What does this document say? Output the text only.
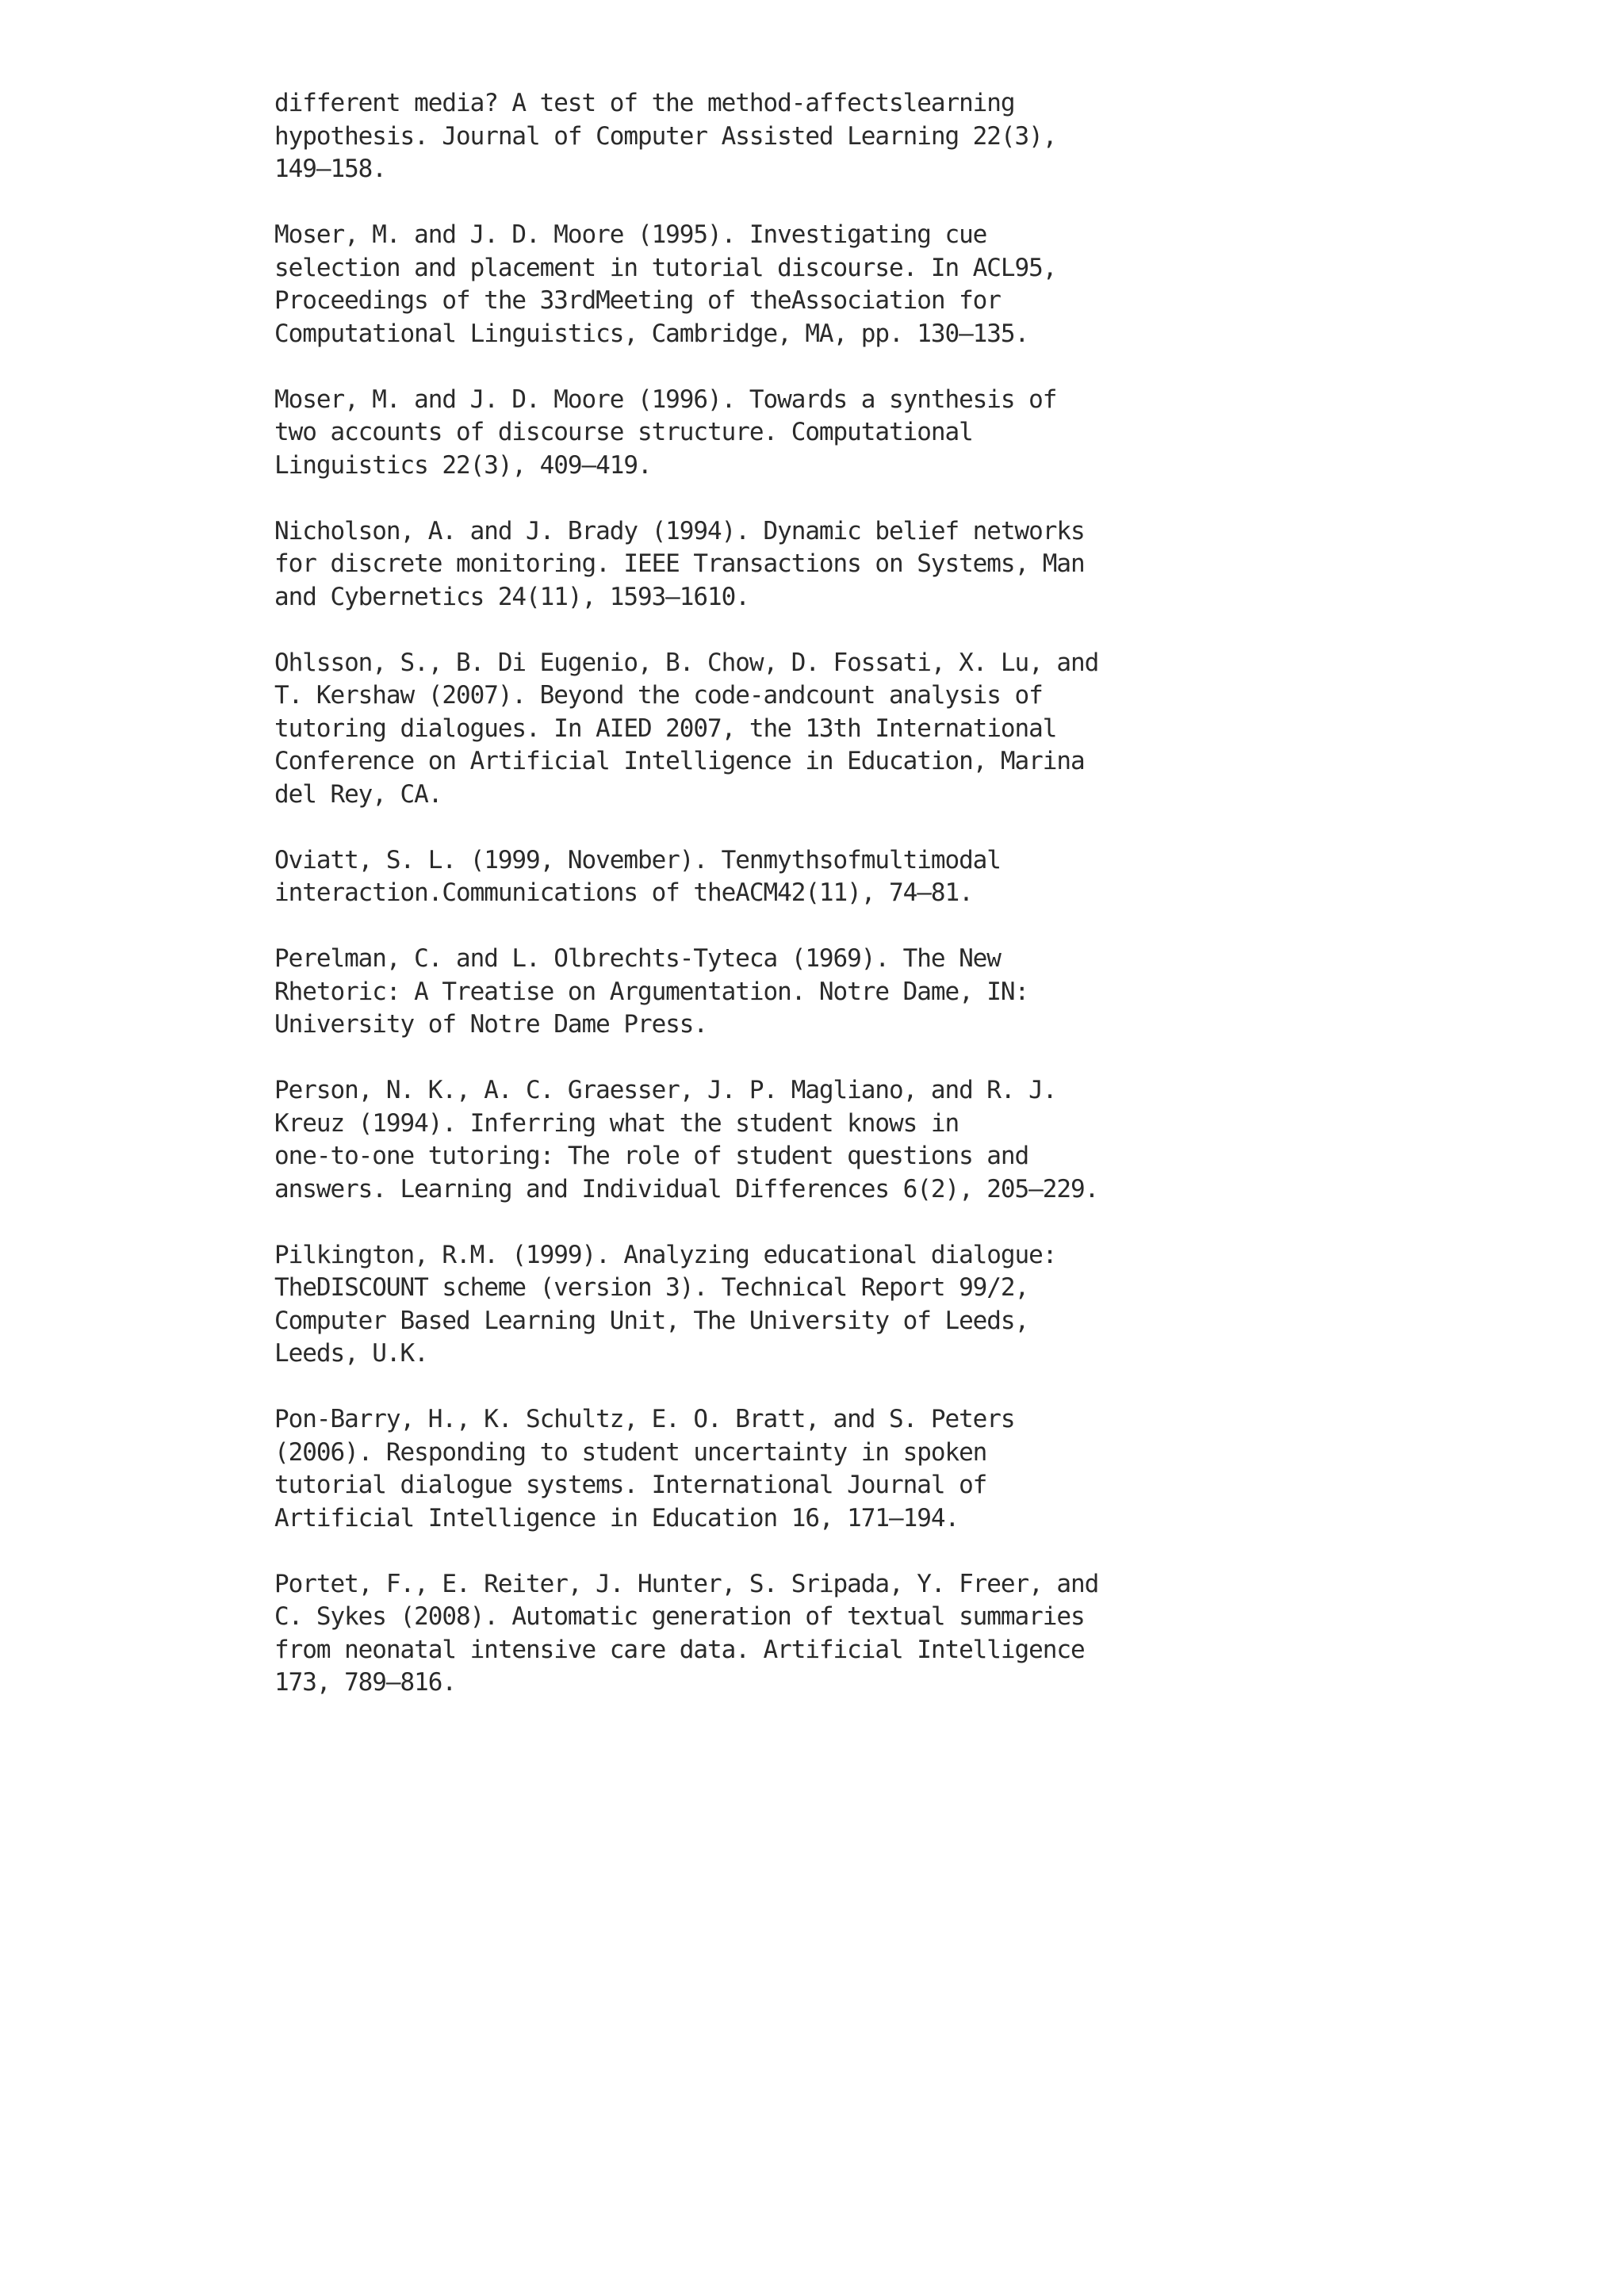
different media? A test of the method-affectslearning
hypothesis. Journal of Computer Assisted Learning 22(3),
149–158.
Moser, M. and J. D. Moore (1995). Investigating cue
selection and placement in tutorial discourse. In ACL95,
Proceedings of the 33rdMeeting of theAssociation for
Computational Linguistics, Cambridge, MA, pp. 130–135.
Moser, M. and J. D. Moore (1996). Towards a synthesis of
two accounts of discourse structure. Computational
Linguistics 22(3), 409–419.
Nicholson, A. and J. Brady (1994). Dynamic belief networks
for discrete monitoring. IEEE Transactions on Systems, Man
and Cybernetics 24(11), 1593–1610.
Ohlsson, S., B. Di Eugenio, B. Chow, D. Fossati, X. Lu, and
T. Kershaw (2007). Beyond the code-andcount analysis of
tutoring dialogues. In AIED 2007, the 13th International
Conference on Artificial Intelligence in Education, Marina
del Rey, CA.
Oviatt, S. L. (1999, November). Tenmythsofmultimodal
interaction.Communications of theACM42(11), 74–81.
Perelman, C. and L. Olbrechts-Tyteca (1969). The New
Rhetoric: A Treatise on Argumentation. Notre Dame, IN:
University of Notre Dame Press.
Person, N. K., A. C. Graesser, J. P. Magliano, and R. J.
Kreuz (1994). Inferring what the student knows in
one-to-one tutoring: The role of student questions and
answers. Learning and Individual Differences 6(2), 205–229.
Pilkington, R.M. (1999). Analyzing educational dialogue:
TheDISCOUNT scheme (version 3). Technical Report 99/2,
Computer Based Learning Unit, The University of Leeds,
Leeds, U.K.
Pon-Barry, H., K. Schultz, E. O. Bratt, and S. Peters
(2006). Responding to student uncertainty in spoken
tutorial dialogue systems. International Journal of
Artificial Intelligence in Education 16, 171–194.
Portet, F., E. Reiter, J. Hunter, S. Sripada, Y. Freer, and
C. Sykes (2008). Automatic generation of textual summaries
from neonatal intensive care data. Artificial Intelligence
173, 789–816.
